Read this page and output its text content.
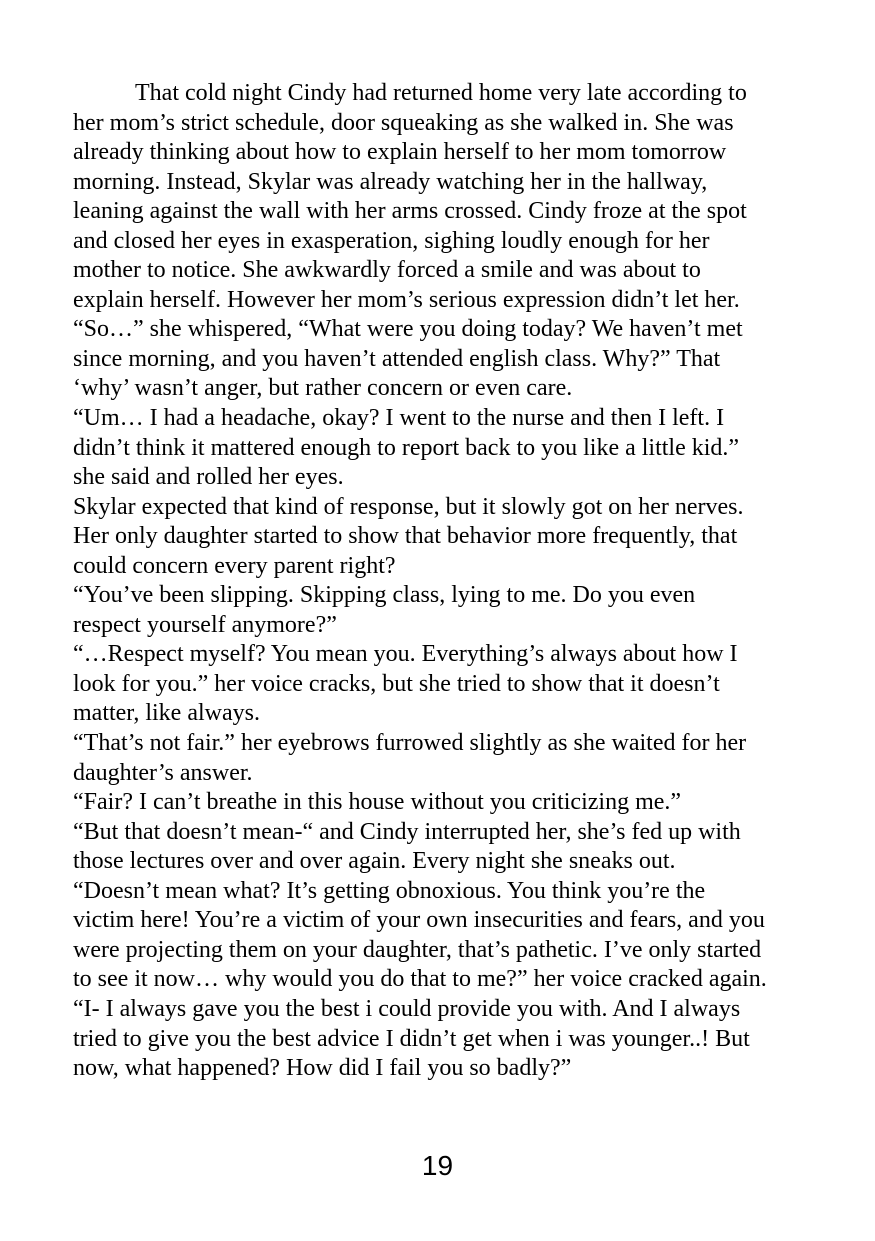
That cold night Cindy had returned home very late according to
her mom’s strict schedule, door squeaking as she walked in. She was
already thinking about how to explain herself to her mom tomorrow
morning. Instead, Skylar was already watching her in the hallway,
leaning against the wall with her arms crossed. Cindy froze at the spot
and closed her eyes in exasperation, sighing loudly enough for her
mother to notice. She awkwardly forced a smile and was about to
explain herself. However her mom’s serious expression didn’t let her.
“So…” she whispered, “What were you doing today? We haven’t met
since morning, and you haven’t attended english class. Why?” That
‘why’ wasn’t anger, but rather concern or even care.
“Um… I had a headache, okay? I went to the nurse and then I left. I
didn’t think it mattered enough to report back to you like a little kid.”
she said and rolled her eyes.
Skylar expected that kind of response, but it slowly got on her nerves.
Her only daughter started to show that behavior more frequently, that
could concern every parent right?
“You’ve been slipping. Skipping class, lying to me. Do you even
respect yourself anymore?”
“…Respect myself? You mean you. Everything’s always about how I
look for you.” her voice cracks, but she tried to show that it doesn’t
matter, like always.
“That’s not fair.” her eyebrows furrowed slightly as she waited for her
daughter’s answer.
“Fair? I can’t breathe in this house without you criticizing me.”
“But that doesn’t mean-“ and Cindy interrupted her, she’s fed up with
those lectures over and over again. Every night she sneaks out.
“Doesn’t mean what? It’s getting obnoxious. You think you’re the
victim here! You’re a victim of your own insecurities and fears, and you
were projecting them on your daughter, that’s pathetic. I’ve only started
to see it now… why would you do that to me?” her voice cracked again.
“I- I always gave you the best i could provide you with. And I always
tried to give you the best advice I didn’t get when i was younger..! But
now, what happened? How did I fail you so badly?”
19
